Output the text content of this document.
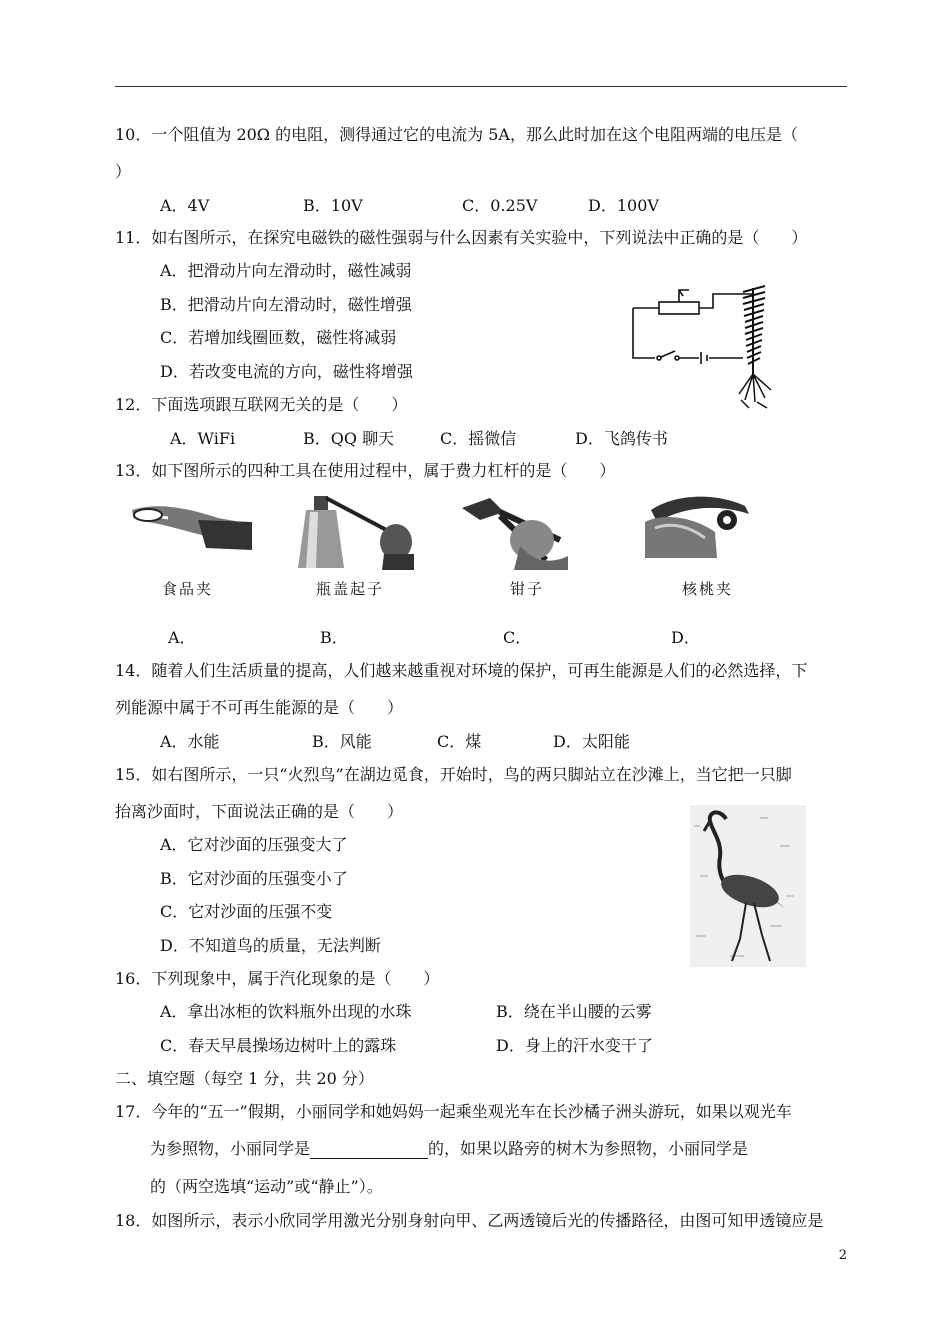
10．一个阻值为 20Ω 的电阻，测得通过它的电流为 5A，那么此时加在这个电阻两端的电压是（
）
A．4V	B．10V	C．0.25V	D．100V
11．如右图所示，在探究电磁铁的磁性强弱与什么因素有关实验中，下列说法中正确的是（　　）
A．把滑动片向左滑动时，磁性减弱
B．把滑动片向左滑动时，磁性增强
C．若增加线圈匝数，磁性将减弱
D．若改变电流的方向，磁性将增强
12．下面选项跟互联网无关的是（　　）
A．WiFi	B．QQ 聊天	C．摇微信	D．飞鸽传书
13．如下图所示的四种工具在使用过程中，属于费力杠杆的是（　　）
食品夹	瓶盖起子	钳子	核桃夹
A．	B．	C．	D．
14．随着人们生活质量的提高，人们越来越重视对环境的保护，可再生能源是人们的必然选择，下
列能源中属于不可再生能源的是（　　）
A．水能	B．风能	C．煤	D．太阳能
15．如右图所示，一只“火烈鸟”在湖边觅食，开始时，鸟的两只脚站立在沙滩上，当它把一只脚
抬离沙面时，下面说法正确的是（　　）
A．它对沙面的压强变大了
B．它对沙面的压强变小了
C．它对沙面的压强不变
D．不知道鸟的质量，无法判断
16．下列现象中，属于汽化现象的是（　　）
A．拿出冰柜的饮料瓶外出现的水珠	B．绕在半山腰的云雾
C．春天早晨操场边树叶上的露珠	D．身上的汗水变干了
二、填空题（每空 1 分，共 20 分）
17．今年的“五一”假期，小丽同学和她妈妈一起乘坐观光车在长沙橘子洲头游玩，如果以观光车
为参照物，小丽同学是	的，如果以路旁的树木为参照物，小丽同学是
的（两空选填“运动”或“静止”）。
18．如图所示，表示小欣同学用激光分别身射向甲、乙两透镜后光的传播路径，由图可知甲透镜应是
2
